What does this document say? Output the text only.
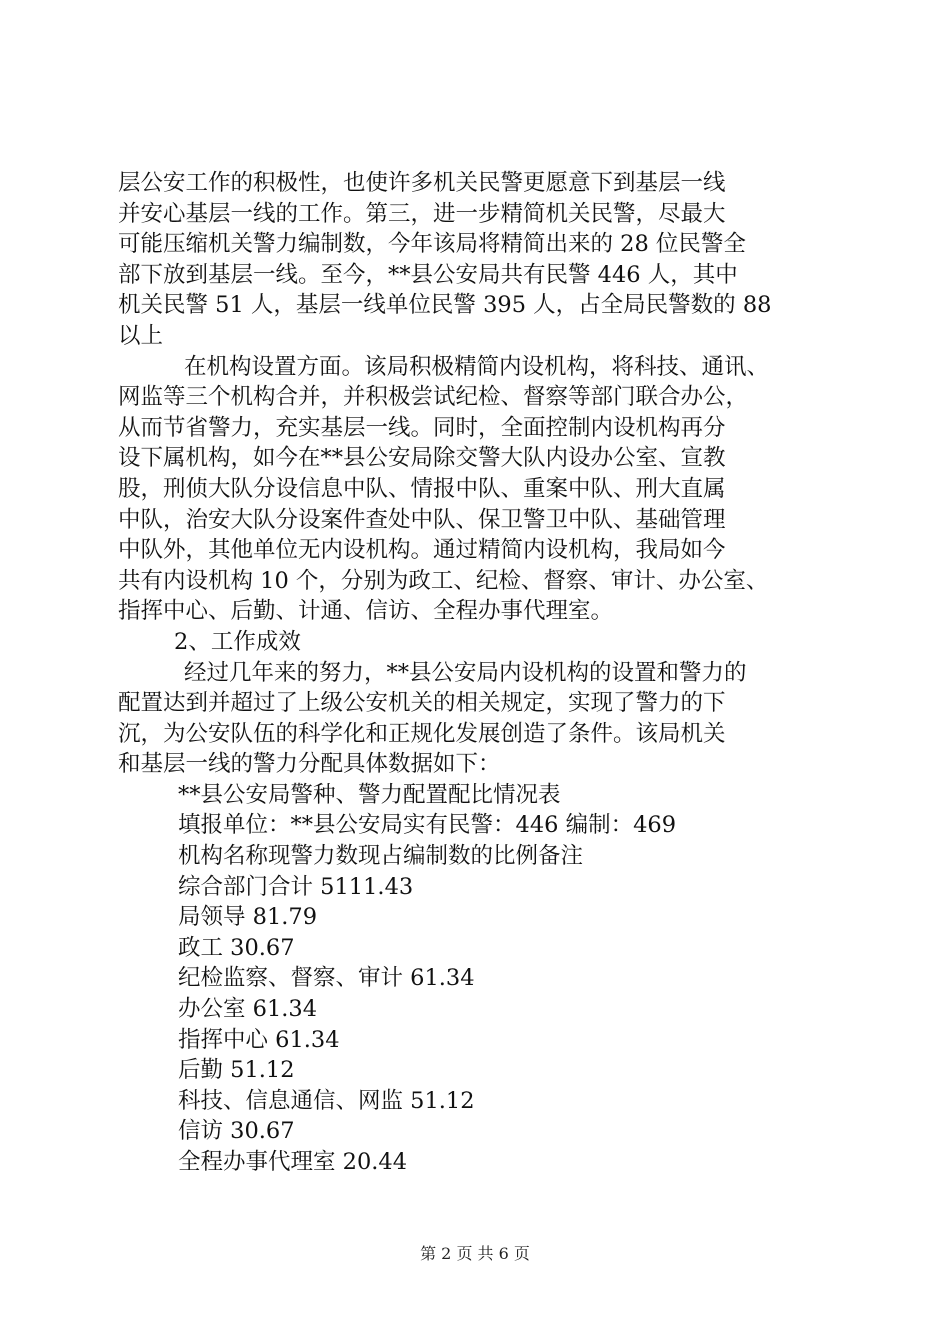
层公安工作的积极性，也使许多机关民警更愿意下到基层一线
并安心基层一线的工作。第三，进一步精简机关民警，尽最大
可能压缩机关警力编制数，今年该局将精简出来的 28 位民警全
部下放到基层一线。至今，**县公安局共有民警 446 人，其中
机关民警 51 人，基层一线单位民警 395 人，占全局民警数的 88
以上
在机构设置方面。该局积极精简内设机构，将科技、通讯、
网监等三个机构合并，并积极尝试纪检、督察等部门联合办公，
从而节省警力，充实基层一线。同时，全面控制内设机构再分
设下属机构，如今在**县公安局除交警大队内设办公室、宣教
股，刑侦大队分设信息中队、情报中队、重案中队、刑大直属
中队，治安大队分设案件查处中队、保卫警卫中队、基础管理
中队外，其他单位无内设机构。通过精简内设机构，我局如今
共有内设机构 10 个，分别为政工、纪检、督察、审计、办公室、
指挥中心、后勤、计通、信访、全程办事代理室。
2、工作成效
经过几年来的努力，**县公安局内设机构的设置和警力的
配置达到并超过了上级公安机关的相关规定，实现了警力的下
沉，为公安队伍的科学化和正规化发展创造了条件。该局机关
和基层一线的警力分配具体数据如下：
**县公安局警种、警力配置配比情况表
填报单位：**县公安局实有民警：446 编制：469
机构名称现警力数现占编制数的比例备注
综合部门合计 5111.43
局领导 81.79
政工 30.67
纪检监察、督察、审计 61.34
办公室 61.34
指挥中心 61.34
后勤 51.12
科技、信息通信、网监 51.12
信访 30.67
全程办事代理室 20.44
第 2 页 共 6 页
